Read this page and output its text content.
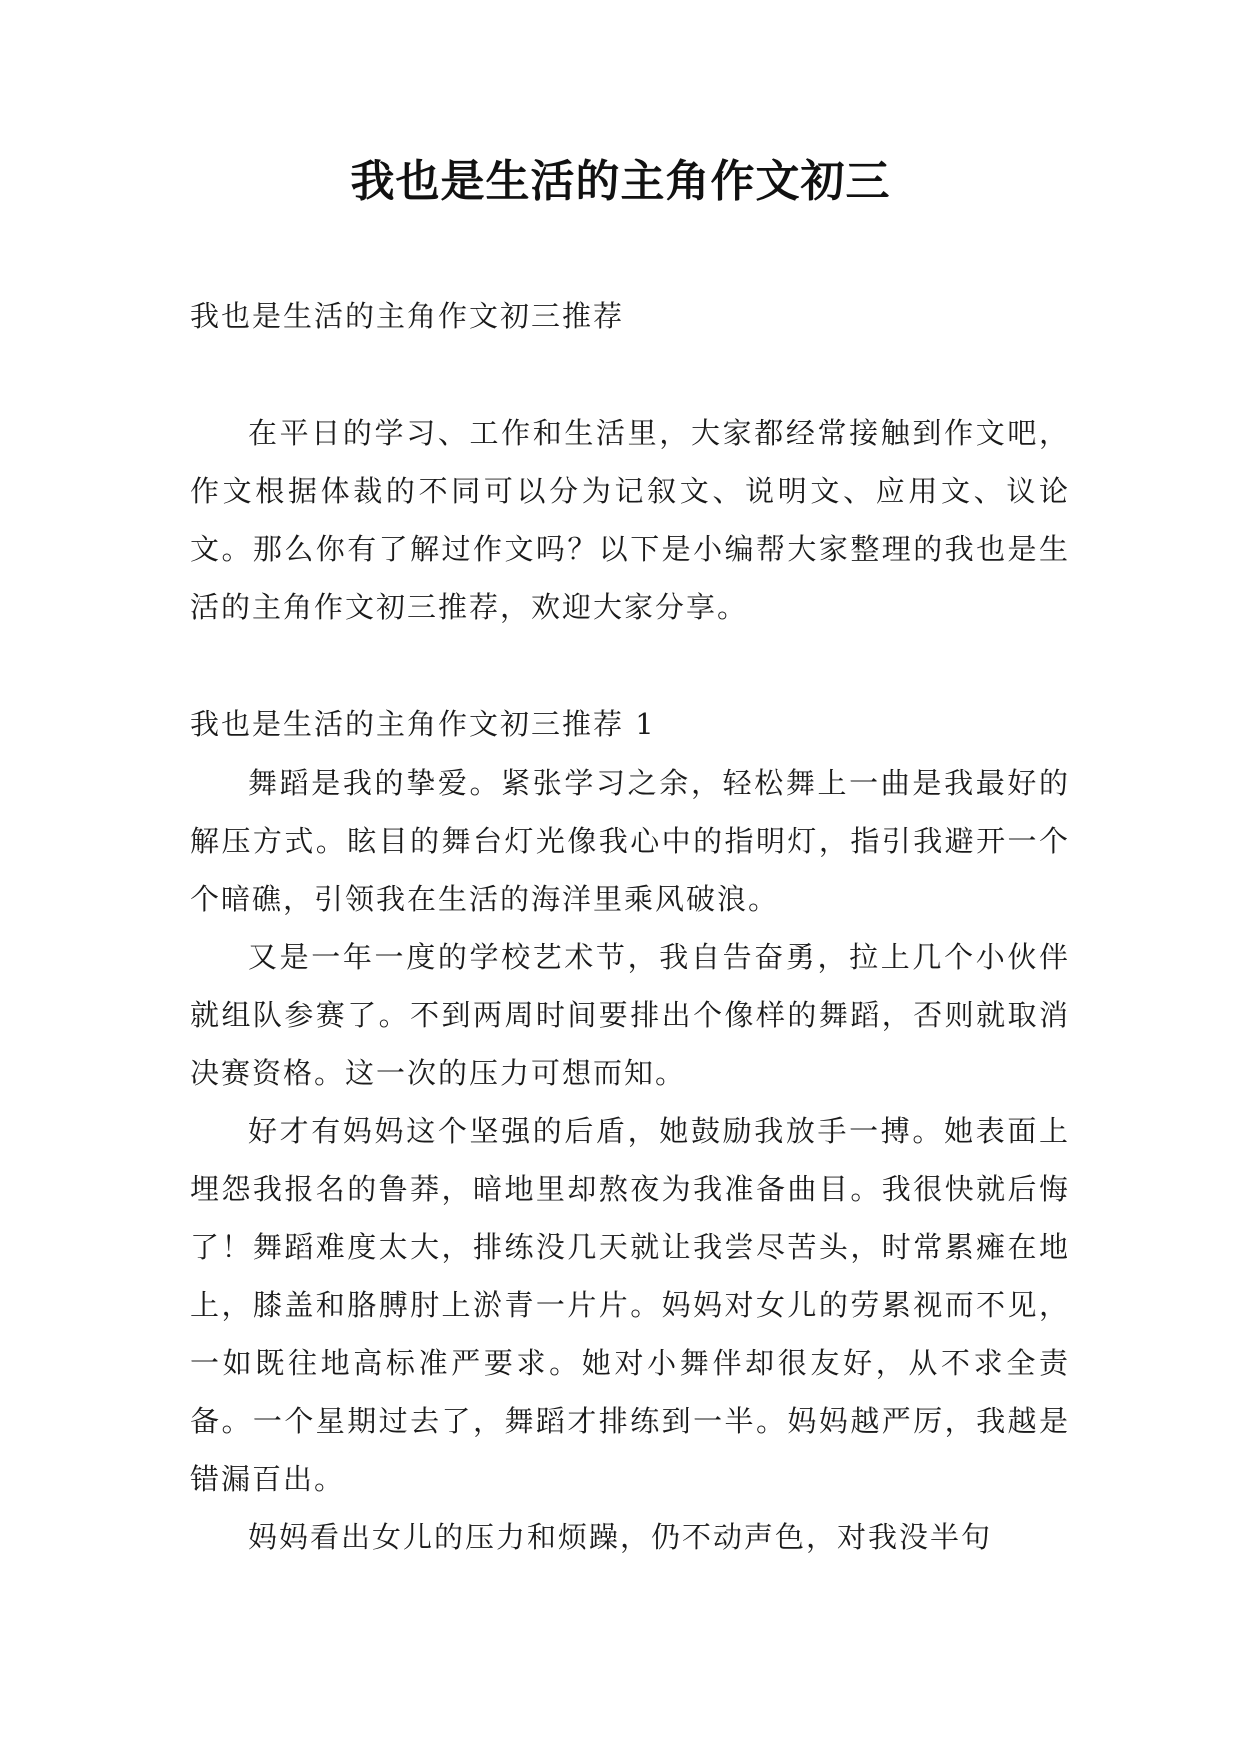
我也是生活的主角作文初三
我也是生活的主角作文初三推荐

在平日的学习、工作和生活里，大家都经常接触到作文吧，作文根据体裁的不同可以分为记叙文、说明文、应用文、议论文。那么你有了解过作文吗？以下是小编帮大家整理的我也是生活的主角作文初三推荐，欢迎大家分享。

我也是生活的主角作文初三推荐 1

舞蹈是我的挚爱。紧张学习之余，轻松舞上一曲是我最好的解压方式。眩目的舞台灯光像我心中的指明灯，指引我避开一个个暗礁，引领我在生活的海洋里乘风破浪。

又是一年一度的学校艺术节，我自告奋勇，拉上几个小伙伴就组队参赛了。不到两周时间要排出个像样的舞蹈，否则就取消决赛资格。这一次的压力可想而知。

好才有妈妈这个坚强的后盾，她鼓励我放手一搏。她表面上埋怨我报名的鲁莽，暗地里却熬夜为我准备曲目。我很快就后悔了！舞蹈难度太大，排练没几天就让我尝尽苦头，时常累瘫在地上，膝盖和胳膊肘上淤青一片片。妈妈对女儿的劳累视而不见，一如既往地高标准严要求。她对小舞伴却很友好，从不求全责备。一个星期过去了，舞蹈才排练到一半。妈妈越严厉，我越是错漏百出。

妈妈看出女儿的压力和烦躁，仍不动声色，对我没半句
